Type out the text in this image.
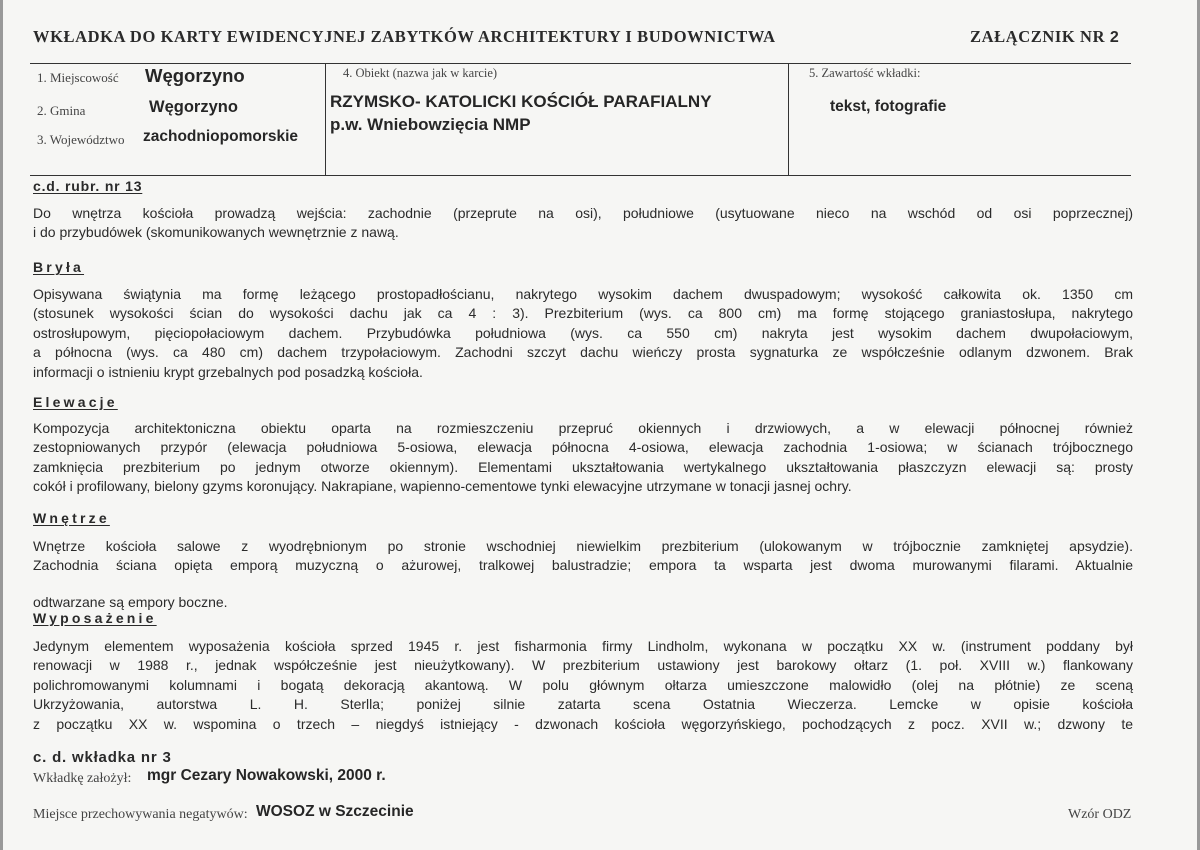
WKŁADKA DO KARTY EWIDENCYJNEJ ZABYTKÓW ARCHITEKTURY I BUDOWNICTWA	ZAŁĄCZNIK NR 2
1. Miejscowość Węgorzyno
2. Gmina	Węgorzyno
3. Województwo zachodniopomorskie
4. Obiekt (nazwa jak w karcie)
RZYMSKO- KATOLICKI KOŚCIÓŁ PARAFIALNY
p.w. Wniebowzięcia NMP
5. Zawartość wkładki:
tekst, fotografie
c.d. rubr. nr 13
Do wnętrza kościoła prowadzą wejścia: zachodnie (przeprute na osi), południowe (usytuowane nieco na wschód od osi poprzecznej)
i do przybudówek (skomunikowanych wewnętrznie z nawą.
Bryła
Opisywana świątynia ma formę leżącego prostopadłościanu, nakrytego wysokim dachem dwuspadowym; wysokość całkowita ok. 1350 cm
(stosunek wysokości ścian do wysokości dachu jak ca 4 : 3). Prezbiterium (wys. ca 800 cm) ma formę stojącego graniastosłupa, nakrytego
ostrosłupowym, pięciopołaciowym dachem. Przybudówka południowa (wys. ca 550 cm) nakryta jest wysokim dachem dwupołaciowym,
a północna (wys. ca 480 cm) dachem trzypołaciowym. Zachodni szczyt dachu wieńczy prosta sygnaturka ze współcześnie odlanym dzwonem. Brak
informacji o istnieniu krypt grzebalnych pod posadzką kościoła.
Elewacje
Kompozycja architektoniczna obiektu oparta na rozmieszczeniu przepruć okiennych i drzwiowych, a w elewacji północnej również
zestopniowanych przypór (elewacja południowa 5-osiowa, elewacja północna 4-osiowa, elewacja zachodnia 1-osiowa; w ścianach trójbocznego
zamknięcia prezbiterium po jednym otworze okiennym). Elementami ukształtowania wertykalnego ukształtowania płaszczyzn elewacji są: prosty
cokół i profilowany, bielony gzyms koronujący. Nakrapiane, wapienno-cementowe tynki elewacyjne utrzymane w tonacji jasnej ochry.
Wnętrze
Wnętrze kościoła salowe z wyodrębnionym po stronie wschodniej niewielkim prezbiterium (ulokowanym w trójbocznie zamkniętej apsydzie).
Zachodnia ściana opięta emporą muzyczną o ażurowej, tralkowej balustradzie; empora ta wsparta jest dwoma murowanymi filarami. Aktualnie
odtwarzane są empory boczne.
Wyposażenie
Jedynym elementem wyposażenia kościoła sprzed 1945 r. jest fisharmonia firmy Lindholm, wykonana w początku XX w. (instrument poddany był
renowacji w 1988 r., jednak współcześnie jest nieużytkowany). W prezbiterium ustawiony jest barokowy ołtarz (1. poł. XVIII w.) flankowany
polichromowanymi kolumnami i bogatą dekoracją akantową. W polu głównym ołtarza umieszczone malowidło (olej na płótnie) ze sceną
Ukrzyżowania, autorstwa L. H. Sterlla; poniżej silnie zatarta scena Ostatnia Wieczerza. Lemcke w opisie kościoła
z początku XX w. wspomina o trzech – niegdyś istniejący - dzwonach kościoła węgorzyńskiego, pochodzących z pocz. XVII w.; dzwony te
c. d. wkładka nr 3
Wkładkę założył: mgr Cezary Nowakowski, 2000 r.
Miejsce przechowywania negatywów: WOSOZ w Szczecinie	Wzór ODZ
